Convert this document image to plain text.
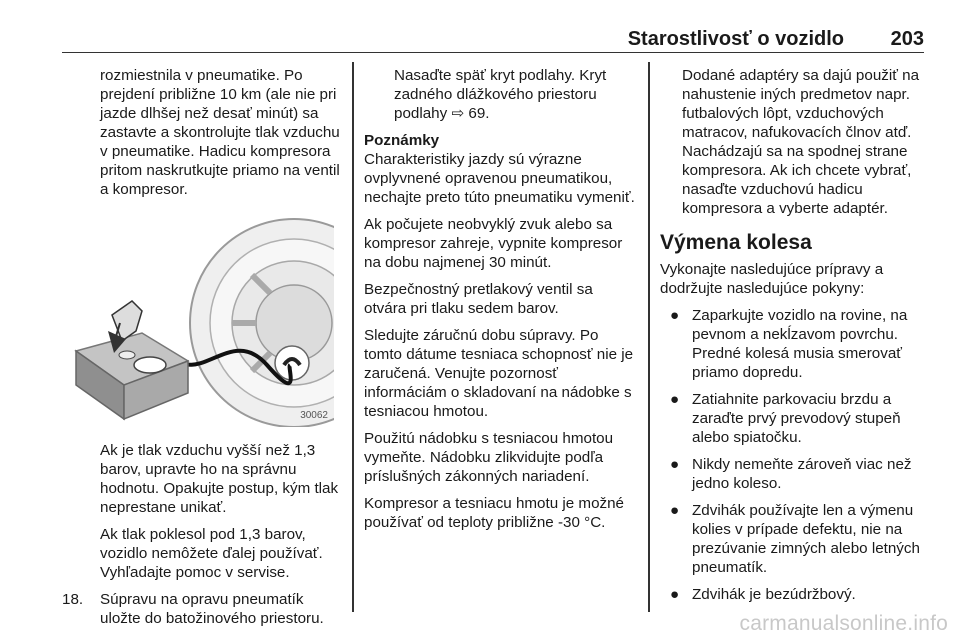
Starostlivosť o vozidlo 203

rozmiestnila v pneumatike. Po prejdení približne 10 km (ale nie pri jazde dlhšej než desať minút) sa zastavte a skontrolujte tlak vzduchu v pneumatike. Hadicu kompresora pritom naskrutkujte priamo na ventil a kompresor.

30062

Ak je tlak vzduchu vyšší než 1,3 barov, upravte ho na správnu hodnotu. Opakujte postup, kým tlak neprestane unikať.

Ak tlak poklesol pod 1,3 barov, vozidlo nemôžete ďalej používať. Vyhľadajte pomoc v servise.

18. Súpravu na opravu pneumatík uložte do batožinového priestoru.

Nasaďte späť kryt podlahy. Kryt zadného dlážkového priestoru podlahy ⇨ 69.

Poznámky

Charakteristiky jazdy sú výrazne ovplyvnené opravenou pneumatikou, nechajte preto túto pneumatiku vymeniť.

Ak počujete neobvyklý zvuk alebo sa kompresor zahreje, vypnite kompresor na dobu najmenej 30 minút.

Bezpečnostný pretlakový ventil sa otvára pri tlaku sedem barov.

Sledujte záručnú dobu súpravy. Po tomto dátume tesniaca schopnosť nie je zaručená. Venujte pozornosť informáciám o skladovaní na nádobke s tesniacou hmotou.

Použitú nádobku s tesniacou hmotou vymeňte. Nádobku zlikvidujte podľa príslušných zákonných nariadení.

Kompresor a tesniacu hmotu je možné používať od teploty približne -30 °C.

Dodané adaptéry sa dajú použiť na nahustenie iných predmetov napr. futbalových lôpt, vzduchových matracov, nafukovacích člnov atď. Nachádzajú sa na spodnej strane kompresora. Ak ich chcete vybrať, nasaďte vzduchovú hadicu kompresora a vyberte adaptér.

Výmena kolesa

Vykonajte nasledujúce prípravy a dodržujte nasledujúce pokyny:

● Zaparkujte vozidlo na rovine, na pevnom a nekĺzavom povrchu. Predné kolesá musia smerovať priamo dopredu.
● Zatiahnite parkovaciu brzdu a zaraďte prvý prevodový stupeň alebo spiatočku.
● Nikdy nemeňte zároveň viac než jedno koleso.
● Zdvihák používajte len a výmenu kolies v prípade defektu, nie na prezúvanie zimných alebo letných pneumatík.
● Zdvihák je bezúdržbový.
carmanualsonline.info
